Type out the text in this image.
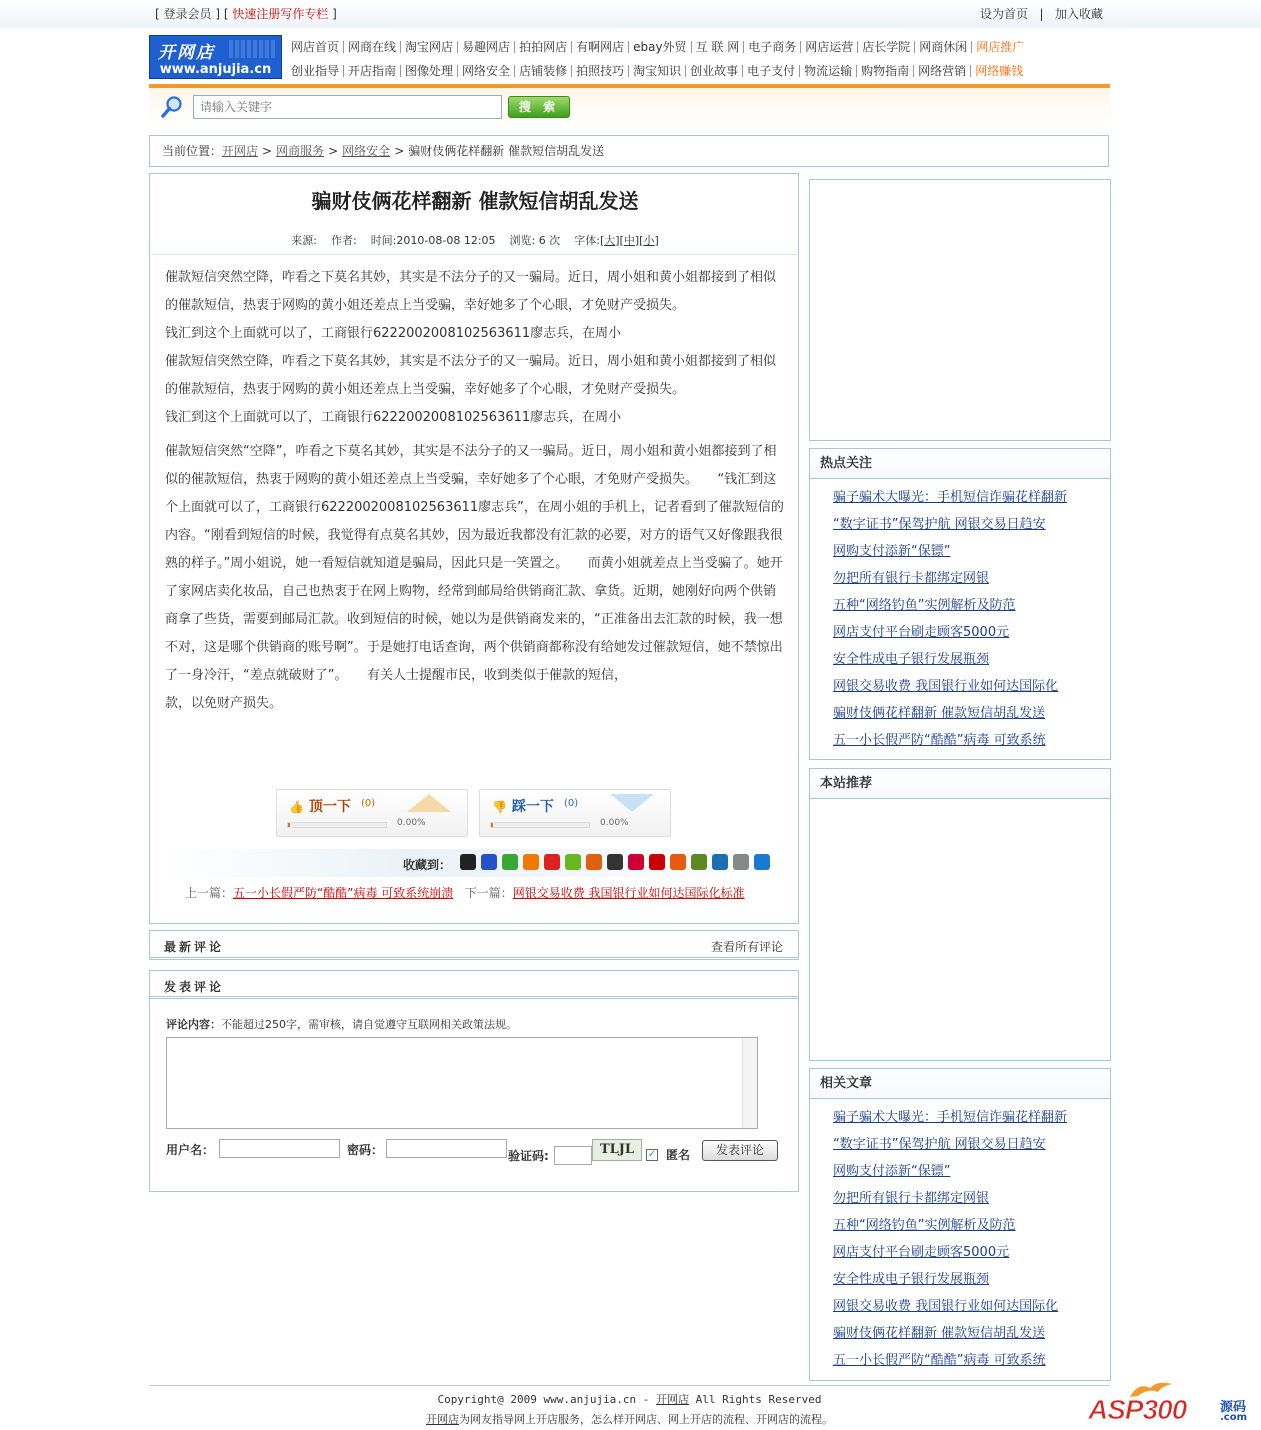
[ 登录会员 ] [ 快速注册写作专栏 ]	设为首页   |   加入收藏
开网店
www.anjujia.cn
网店首页 网商在线 淘宝网店 易趣网店 拍拍网店 有啊网店 ebay外贸 互 联 网 电子商务 网店运营 店长学院 网商休闲 网店推广
创业指导 开店指南 图像处理 网络安全 店铺装修 拍照技巧 淘宝知识 创业故事 电子支付 物流运输 购物指南 网络营销 网络赚钱
请输入关键字
搜 索
当前位置：开网店 > 网商服务 > 网络安全 > 骗财伎俩花样翻新 催款短信胡乱发送
骗财伎俩花样翻新 催款短信胡乱发送
来源: 作者: 时间:2010-08-08 12:05 浏览: 6 次 字体:[大][中][小]

催款短信突然空降，咋看之下莫名其妙，其实是不法分子的又一骗局。近日，周小姐和黄小姐都接到了相似的催款短信，热衷于网购的黄小姐还差点上当受骗，幸好她多了个心眼，才免财产受损失。

钱汇到这个上面就可以了，工商银行6222002008102563611廖志兵，在周小

催款短信突然空降，咋看之下莫名其妙，其实是不法分子的又一骗局。近日，周小姐和黄小姐都接到了相似的催款短信，热衷于网购的黄小姐还差点上当受骗，幸好她多了个心眼，才免财产受损失。

钱汇到这个上面就可以了，工商银行6222002008102563611廖志兵，在周小

催款短信突然“空降”，咋看之下莫名其妙，其实是不法分子的又一骗局。近日，周小姐和黄小姐都接到了相似的催款短信，热衷于网购的黄小姐还差点上当受骗，幸好她多了个心眼，才免财产受损失。　　“钱汇到这个上面就可以了，工商银行6222002008102563611廖志兵”，在周小姐的手机上，记者看到了催款短信的内容。“刚看到短信的时候，我觉得有点莫名其妙，因为最近我都没有汇款的必要，对方的语气又好像跟我很熟的样子。”周小姐说，她一看短信就知道是骗局，因此只是一笑置之。　　而黄小姐就差点上当受骗了。她开了家网店卖化妆品，自己也热衷于在网上购物，经常到邮局给供销商汇款、拿货。近期，她刚好向两个供销商拿了些货，需要到邮局汇款。收到短信的时候，她以为是供销商发来的，“正准备出去汇款的时候，我一想不对，这是哪个供销商的账号啊”。于是她打电话查询，两个供销商都称没有给她发过催款短信，她不禁惊出了一身冷汗，“差点就破财了”。　　有关人士提醒市民，收到类似于催款的短信，

款，以免财产损失。

👍 顶一下 (0)
0.00%
👎 踩一下 (0)
0.00%
收藏到：
上一篇：五一小长假严防“酷酷”病毒 可致系统崩溃 下一篇：网银交易收费 我国银行业如何达国际化标准
最新评论	查看所有评论
发表评论
评论内容：不能超过250字，需审核，请自觉遵守互联网相关政策法规。
用户名：	密码：	验证码:	TLJL	✓ 匿名	发表评论
热点关注
骗子骗术大曝光：手机短信诈骗花样翻新
“数字证书”保驾护航 网银交易日趋安
网购支付添新“保镖”
勿把所有银行卡都绑定网银
五种“网络钓鱼”实例解析及防范
网店支付平台刷走顾客5000元
安全性成电子银行发展瓶颈
网银交易收费 我国银行业如何达国际化
骗财伎俩花样翻新 催款短信胡乱发送
五一小长假严防“酷酷”病毒 可致系统
本站推荐
相关文章
骗子骗术大曝光：手机短信诈骗花样翻新
“数字证书”保驾护航 网银交易日趋安
网购支付添新“保镖”
勿把所有银行卡都绑定网银
五种“网络钓鱼”实例解析及防范
网店支付平台刷走顾客5000元
安全性成电子银行发展瓶颈
网银交易收费 我国银行业如何达国际化
骗财伎俩花样翻新 催款短信胡乱发送
五一小长假严防“酷酷”病毒 可致系统
Copyright@ 2009 www.anjujia.cn - 开网店 All Rights Reserved
开网店为网友指导网上开店服务，怎么样开网店、网上开店的流程、开网店的流程。	ASP300	源码
.com
